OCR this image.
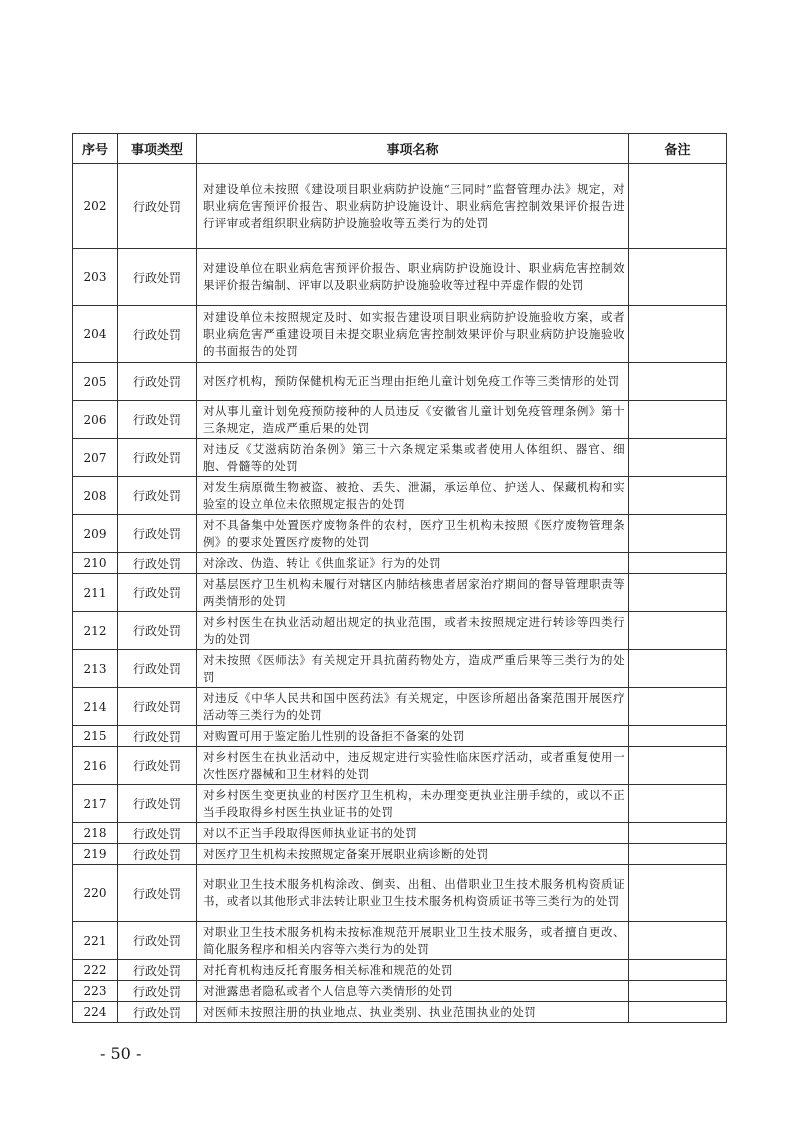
序号	事项类型	事项名称	备注
202	行政处罚	对建设单位未按照《建设项目职业病防护设施“三同时”监督管理办法》规定，对职业病危害预评价报告、职业病防护设施设计、职业病危害控制效果评价报告进行评审或者组织职业病防护设施验收等五类行为的处罚	
203	行政处罚	对建设单位在职业病危害预评价报告、职业病防护设施设计、职业病危害控制效果评价报告编制、评审以及职业病防护设施验收等过程中弄虚作假的处罚	
204	行政处罚	对建设单位未按照规定及时、如实报告建设项目职业病防护设施验收方案，或者职业病危害严重建设项目未提交职业病危害控制效果评价与职业病防护设施验收的书面报告的处罚	
205	行政处罚	对医疗机构，预防保健机构无正当理由拒绝儿童计划免疫工作等三类情形的处罚	
206	行政处罚	对从事儿童计划免疫预防接种的人员违反《安徽省儿童计划免疫管理条例》第十三条规定，造成严重后果的处罚	
207	行政处罚	对违反《艾滋病防治条例》第三十六条规定采集或者使用人体组织、器官、细胞、骨髓等的处罚	
208	行政处罚	对发生病原微生物被盗、被抢、丢失、泄漏，承运单位、护送人、保藏机构和实验室的设立单位未依照规定报告的处罚	
209	行政处罚	对不具备集中处置医疗废物条件的农村，医疗卫生机构未按照《医疗废物管理条例》的要求处置医疗废物的处罚	
210	行政处罚	对涂改、伪造、转让《供血浆证》行为的处罚	
211	行政处罚	对基层医疗卫生机构未履行对辖区内肺结核患者居家治疗期间的督导管理职责等两类情形的处罚	
212	行政处罚	对乡村医生在执业活动超出规定的执业范围，或者未按照规定进行转诊等四类行为的处罚	
213	行政处罚	对未按照《医师法》有关规定开具抗菌药物处方，造成严重后果等三类行为的处罚	
214	行政处罚	对违反《中华人民共和国中医药法》有关规定，中医诊所超出备案范围开展医疗活动等三类行为的处罚	
215	行政处罚	对购置可用于鉴定胎儿性别的设备拒不备案的处罚	
216	行政处罚	对乡村医生在执业活动中，违反规定进行实验性临床医疗活动，或者重复使用一次性医疗器械和卫生材料的处罚	
217	行政处罚	对乡村医生变更执业的村医疗卫生机构，未办理变更执业注册手续的，或以不正当手段取得乡村医生执业证书的处罚	
218	行政处罚	对以不正当手段取得医师执业证书的处罚	
219	行政处罚	对医疗卫生机构未按照规定备案开展职业病诊断的处罚	
220	行政处罚	对职业卫生技术服务机构涂改、倒卖、出租、出借职业卫生技术服务机构资质证书，或者以其他形式非法转让职业卫生技术服务机构资质证书等三类行为的处罚	
221	行政处罚	对职业卫生技术服务机构未按标准规范开展职业卫生技术服务，或者擅自更改、简化服务程序和相关内容等六类行为的处罚	
222	行政处罚	对托育机构违反托育服务相关标准和规范的处罚	
223	行政处罚	对泄露患者隐私或者个人信息等六类情形的处罚	
224	行政处罚	对医师未按照注册的执业地点、执业类别、执业范围执业的处罚	
- 50 -
